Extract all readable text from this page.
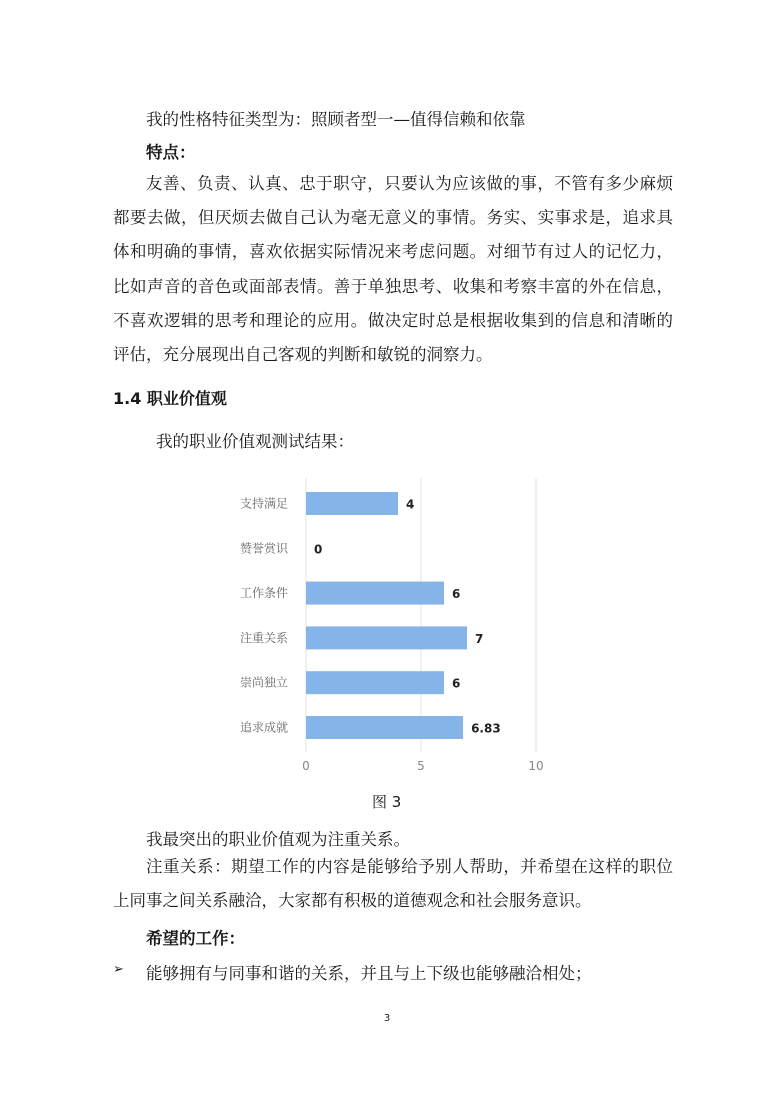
我的性格特征类型为：照顾者型一—值得信赖和依靠
特点：
友善、负责、认真、忠于职守，只要认为应该做的事，不管有多少麻烦都要去做，但厌烦去做自己认为毫无意义的事情。务实、实事求是，追求具体和明确的事情，喜欢依据实际情况来考虑问题。对细节有过人的记忆力，比如声音的音色或面部表情。善于单独思考、收集和考察丰富的外在信息，不喜欢逻辑的思考和理论的应用。做决定时总是根据收集到的信息和清晰的评估，充分展现出自己客观的判断和敏锐的洞察力。
1.4 职业价值观
我的职业价值观测试结果：
0	5	10
支持满足	4
赞誉赏识 0
工作条件	6
注重关系	7
崇尚独立	6
追求成就	6.83
图 3
我最突出的职业价值观为注重关系。
注重关系：期望工作的内容是能够给予别人帮助，并希望在这样的职位上同事之间关系融洽，大家都有积极的道德观念和社会服务意识。
希望的工作：
➢ 能够拥有与同事和谐的关系，并且与上下级也能够融洽相处；
3
